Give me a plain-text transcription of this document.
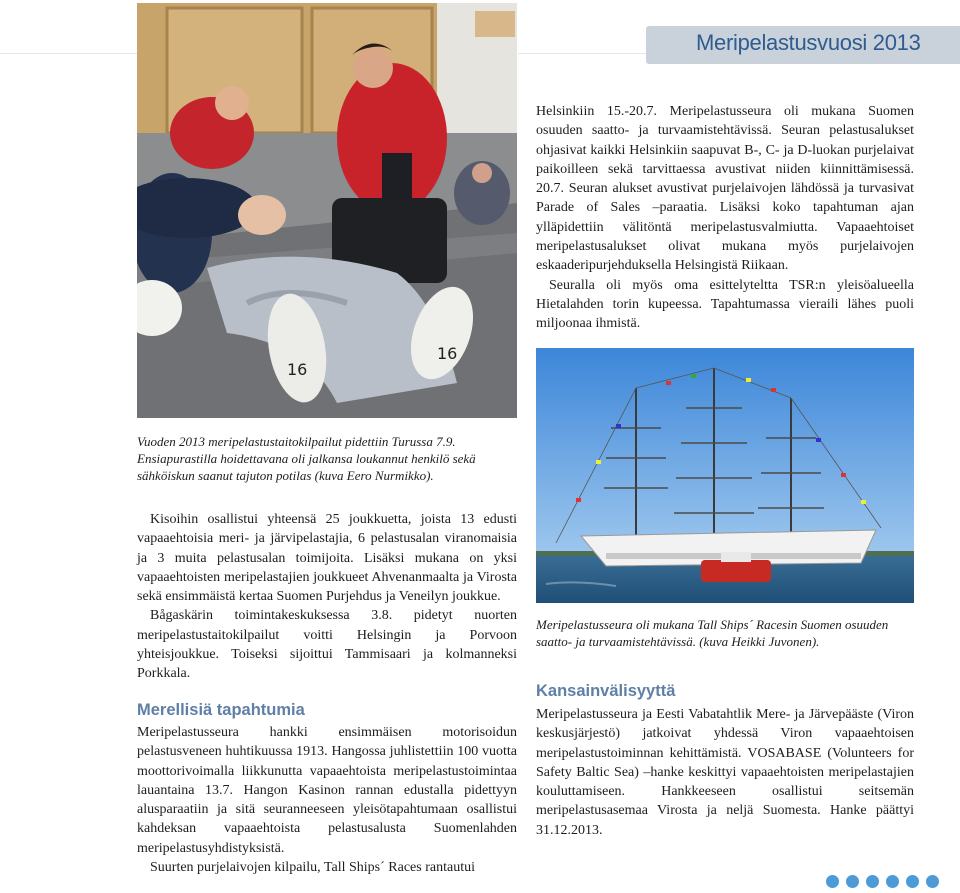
Meripelastusvuosi 2013
16
16

Helsinkiin 15.-20.7. Meripelastusseura oli mukana Suomen osuuden saatto- ja turvaamistehtävissä. Seuran pelastusalukset ohjasivat kaikki Helsinkiin saapuvat B-, C- ja D-luokan purjelaivat paikoilleen sekä tarvittaessa avustivat niiden kiinnittämisessä. 20.7. Seuran alukset avustivat purjelaivojen lähdössä ja turvasivat Parade of Sales –paraatia. Lisäksi koko tapahtuman ajan ylläpidettiin välitöntä meripelastusvalmiutta. Vapaaehtoiset meripelastusalukset olivat mukana myös purjelaivojen eskaaderipurjehduksella Helsingistä Riikaan.

Seuralla oli myös oma esittelyteltta TSR:n yleisöalueella Hietalahden torin kupeessa. Tapahtumassa vieraili lähes puoli miljoonaa ihmistä.

Vuoden 2013 meripelastustaitokilpailut pidettiin Turussa 7.9. Ensiapurastilla hoidettavana oli jalkansa loukannut henkilö sekä sähköiskun saanut tajuton potilas (kuva Eero Nurmikko).

Meripelastusseura oli mukana Tall Ships´ Racesin Suomen osuuden saatto- ja turvaamistehtävissä. (kuva Heikki Juvonen).

Kisoihin osallistui yhteensä 25 joukkuetta, joista 13 edusti vapaaehtoisia meri- ja järvipelastajia, 6 pelastusalan viranomaisia ja 3 muita pelastusalan toimijoita. Lisäksi mukana on yksi vapaaehtoisten meripelastajien joukkueet Ahvenanmaalta ja Virosta sekä ensimmäistä kertaa Suomen Purjehdus ja Veneilyn joukkue.

Bågaskärin toimintakeskuksessa 3.8. pidetyt nuorten meripelastustaitokilpailut voitti Helsingin ja Porvoon yhteisjoukkue. Toiseksi sijoittui Tammisaari ja kolmanneksi Porkkala.

Merellisiä tapahtumia

Meripelastusseura hankki ensimmäisen motorisoidun pelastusveneen huhtikuussa 1913. Hangossa juhlistettiin 100 vuotta moottorivoimalla liikkunutta vapaaehtoista meripelastustoimintaa lauantaina 13.7. Hangon Kasinon rannan edustalla pidettyyn alusparaatiin ja sitä seuranneeseen yleisötapahtumaan osallistui kahdeksan vapaaehtoista pelastusalusta Suomenlahden meripelastusyhdistyksistä.

Suurten purjelaivojen kilpailu, Tall Ships´ Races rantautui

Kansainvälisyyttä

Meripelastusseura ja Eesti Vabatahtlik Mere- ja Järvepääste (Viron keskusjärjestö) jatkoivat yhdessä Viron vapaaehtoisen meripelastustoiminnan kehittämistä. VOSABASE (Volunteers for Safety Baltic Sea) –hanke keskittyi vapaaehtoisten meripelastajien kouluttamiseen. Hankkeeseen osallistui seitsemän meripelastusasemaa Virosta ja neljä Suomesta. Hanke päättyi 31.12.2013.
